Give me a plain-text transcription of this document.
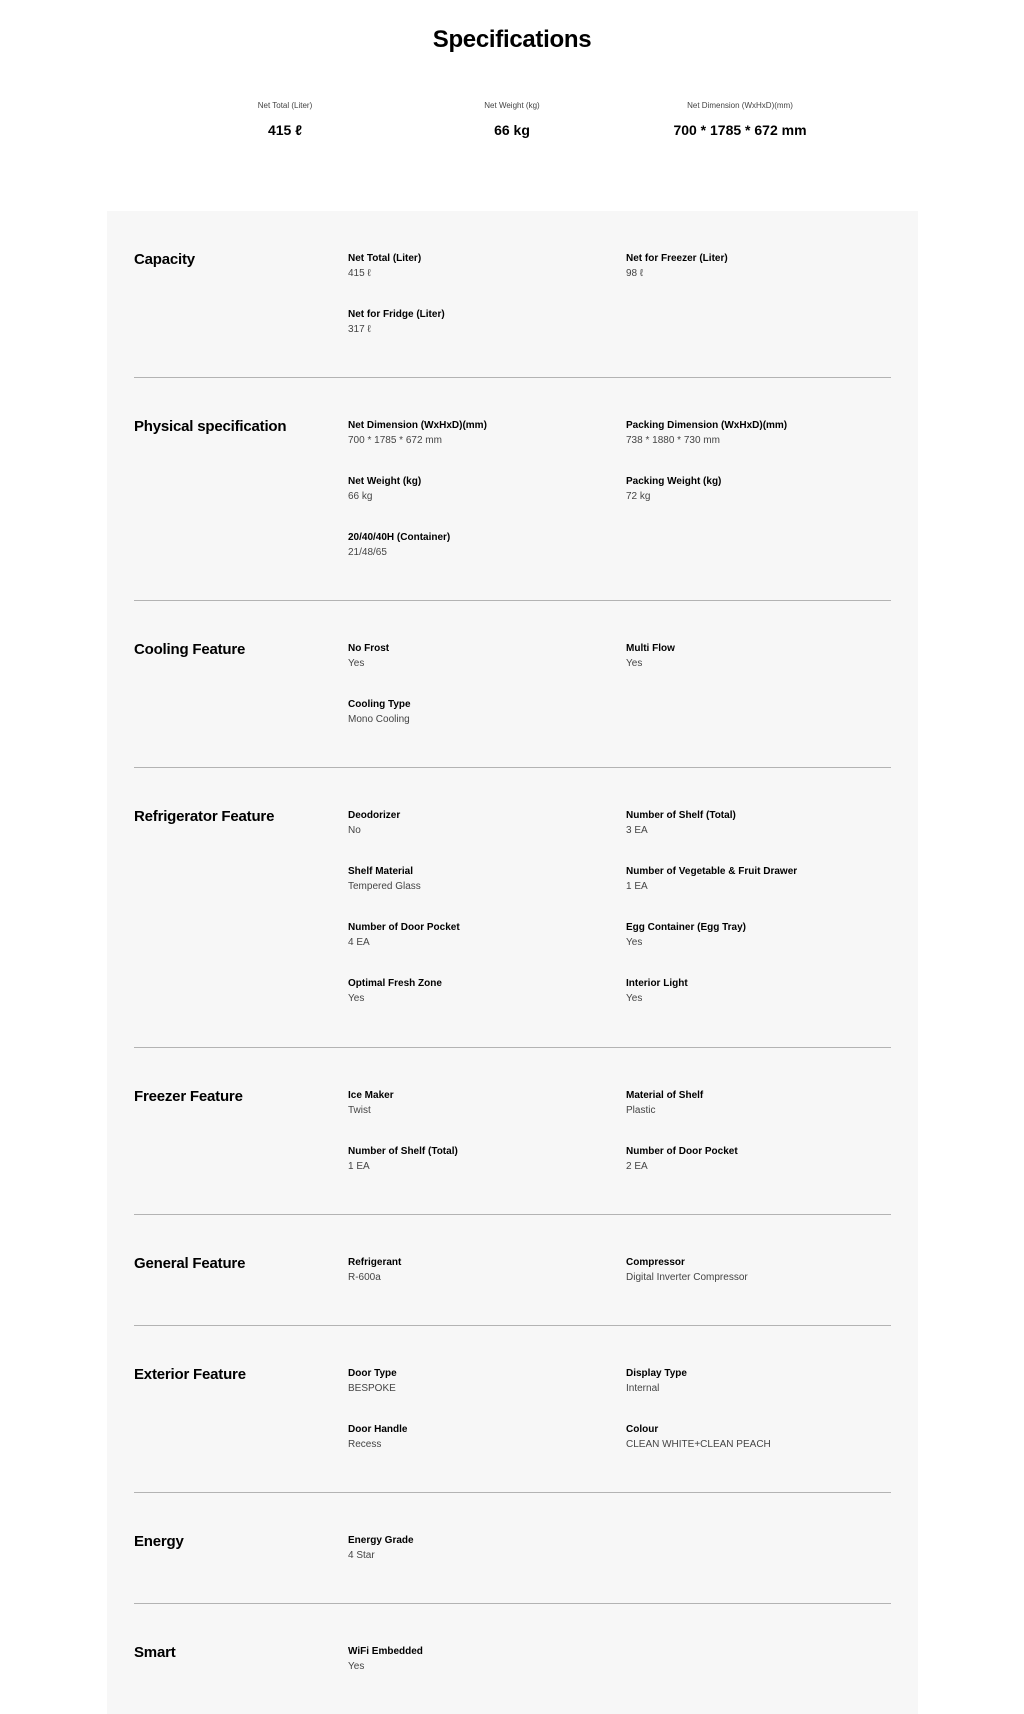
Specifications
Net Total (Liter)
415 ℓ
Net Weight (kg)
66 kg
Net Dimension (WxHxD)(mm)
700 * 1785 * 672 mm
Capacity	Net Total (Liter)
415 ℓ
Net for Freezer (Liter)
98 ℓ
Net for Fridge (Liter)
317 ℓ
Physical specification	Net Dimension (WxHxD)(mm)
700 * 1785 * 672 mm
Packing Dimension (WxHxD)(mm)
738 * 1880 * 730 mm
Net Weight (kg)
66 kg
Packing Weight (kg)
72 kg
20/40/40H (Container)
21/48/65
Cooling Feature	No Frost
Yes
Multi Flow
Yes
Cooling Type
Mono Cooling
Refrigerator Feature	Deodorizer
No
Number of Shelf (Total)
3 EA
Shelf Material
Tempered Glass
Number of Vegetable & Fruit Drawer
1 EA
Number of Door Pocket
4 EA
Egg Container (Egg Tray)
Yes
Optimal Fresh Zone
Yes
Interior Light
Yes
Freezer Feature	Ice Maker
Twist
Material of Shelf
Plastic
Number of Shelf (Total)
1 EA
Number of Door Pocket
2 EA
General Feature	Refrigerant
R-600a
Compressor
Digital Inverter Compressor
Exterior Feature	Door Type
BESPOKE
Display Type
Internal
Door Handle
Recess
Colour
CLEAN WHITE+CLEAN PEACH
Energy	Energy Grade
4 Star
Smart	WiFi Embedded
Yes
